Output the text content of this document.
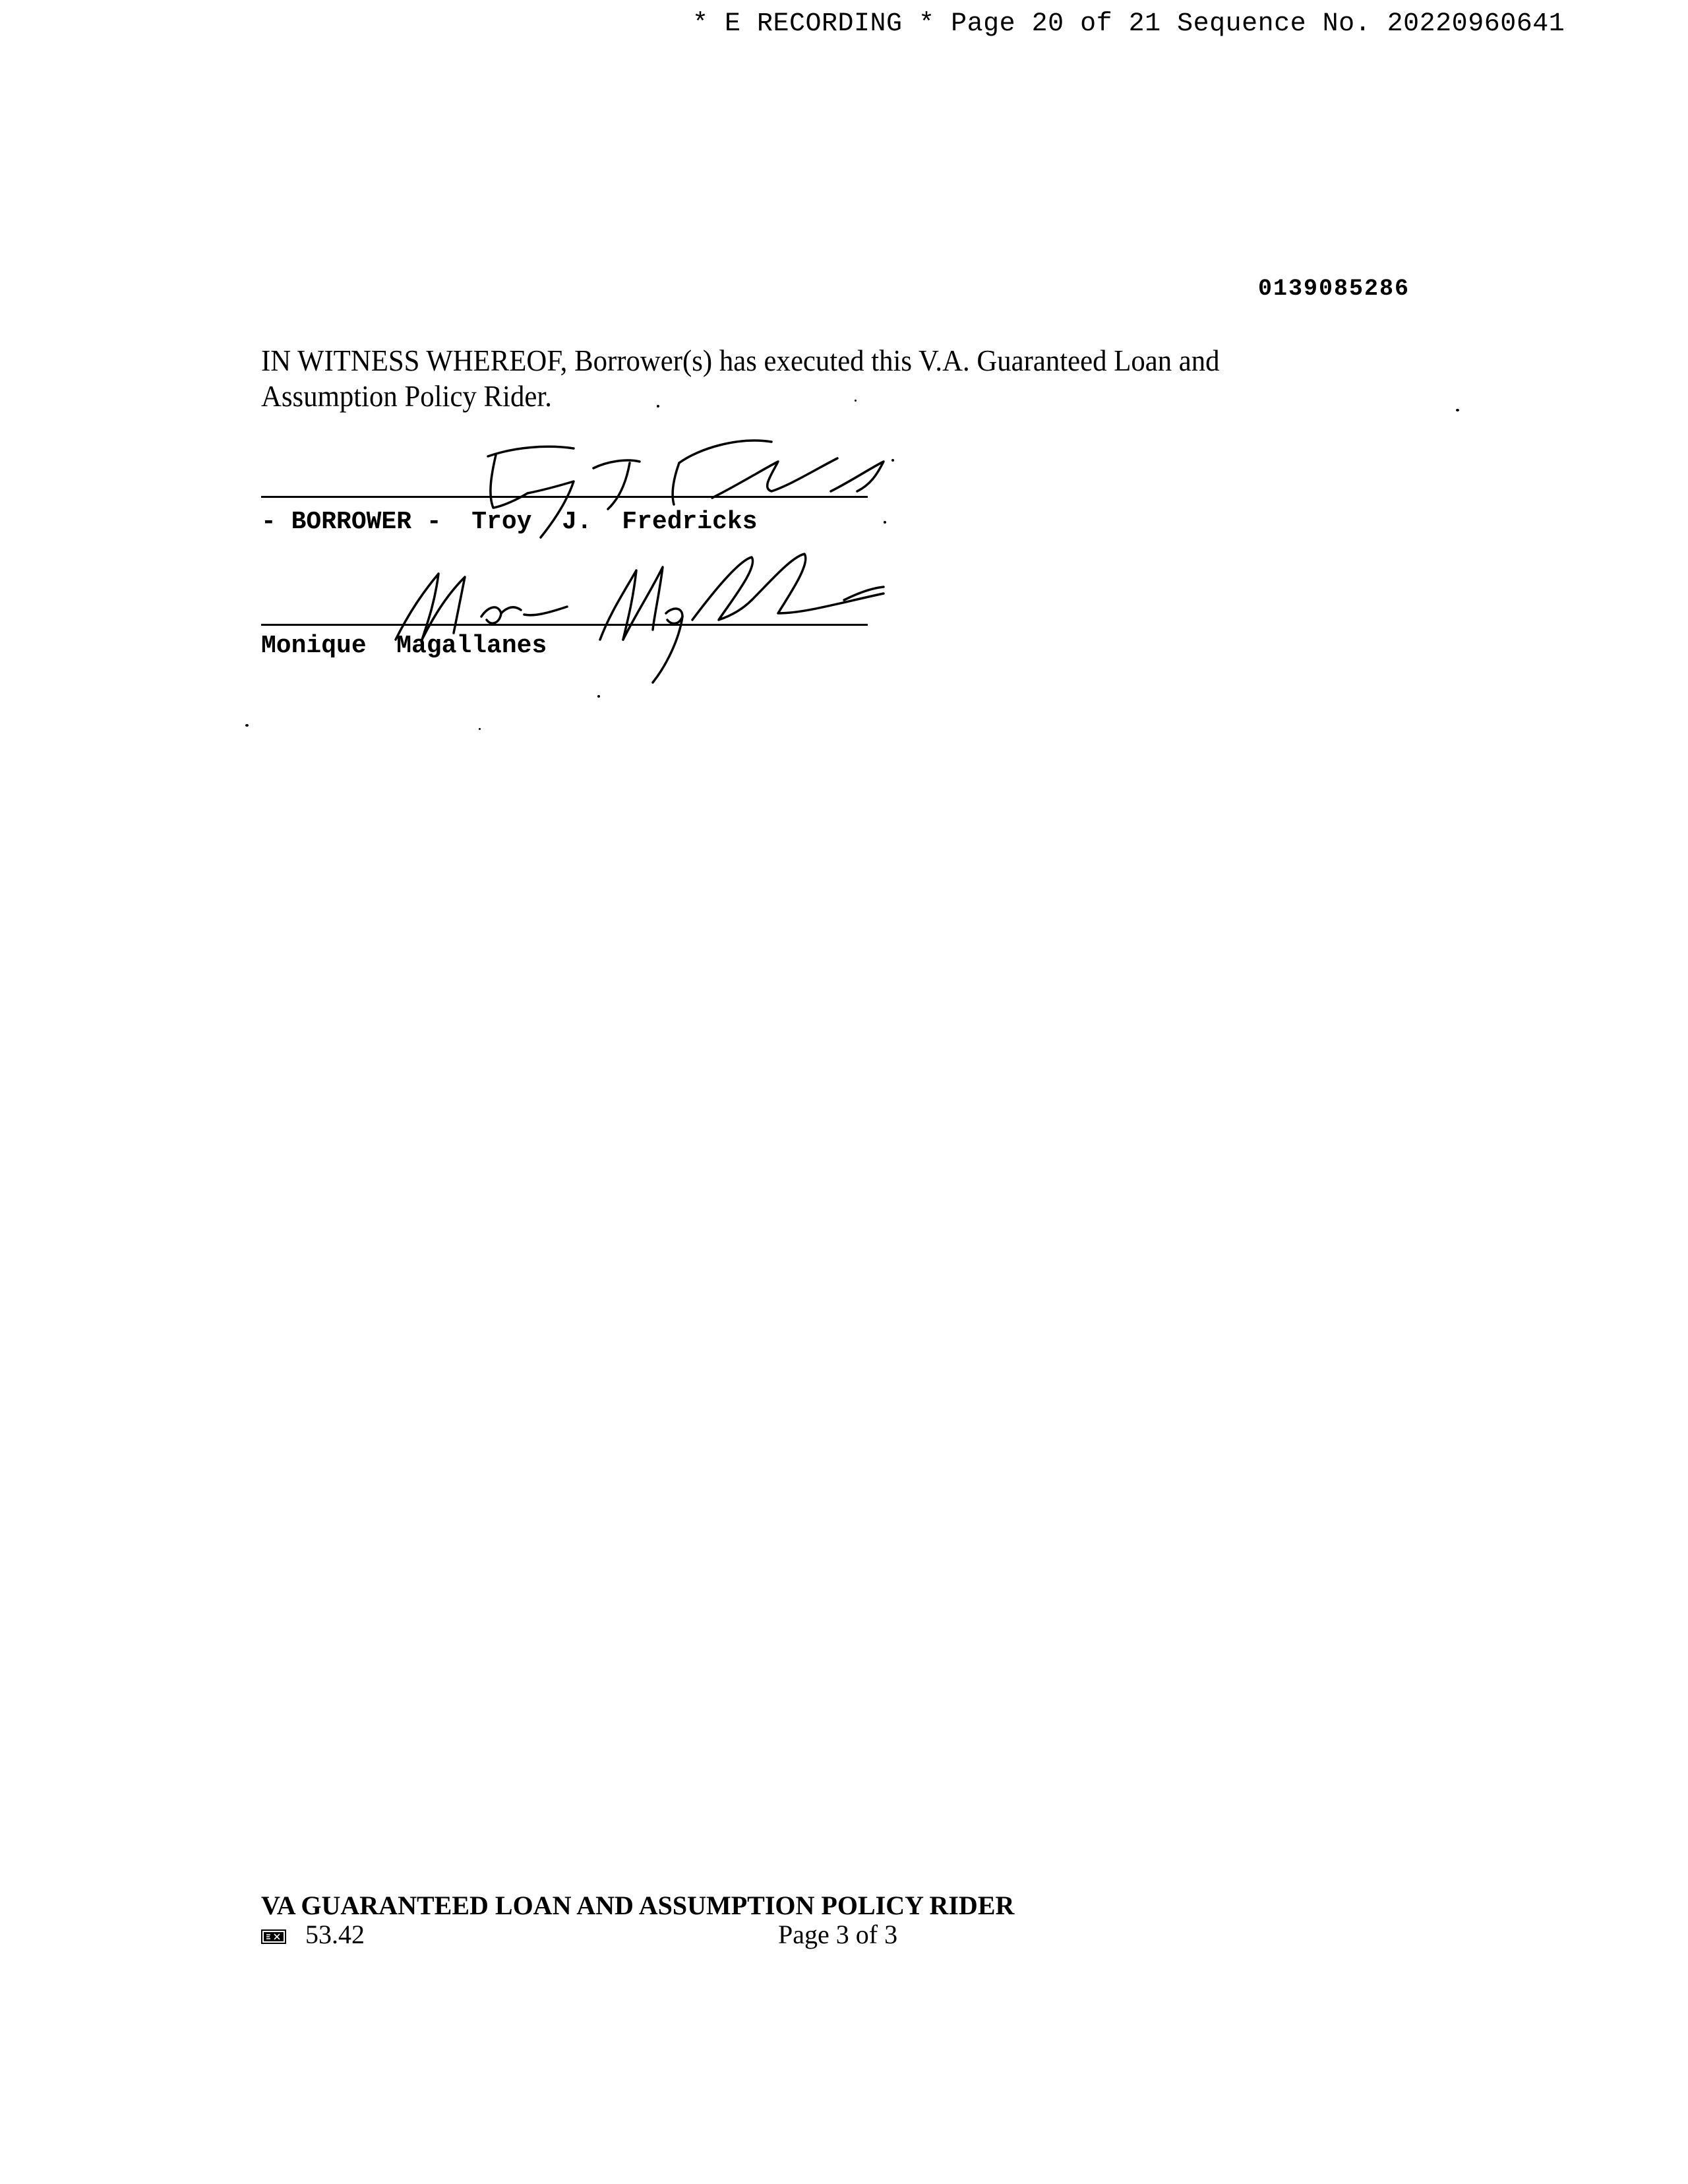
* E RECORDING * Page 20 of 21 Sequence No. 20220960641
0139085286
IN WITNESS WHEREOF, Borrower(s) has executed this V.A. Guaranteed Loan and Assumption Policy Rider.
- BORROWER -  Troy  J.  Fredricks
Monique  Magallanes
VA GUARANTEED LOAN AND ASSUMPTION POLICY RIDER
53.42	Page 3 of 3
